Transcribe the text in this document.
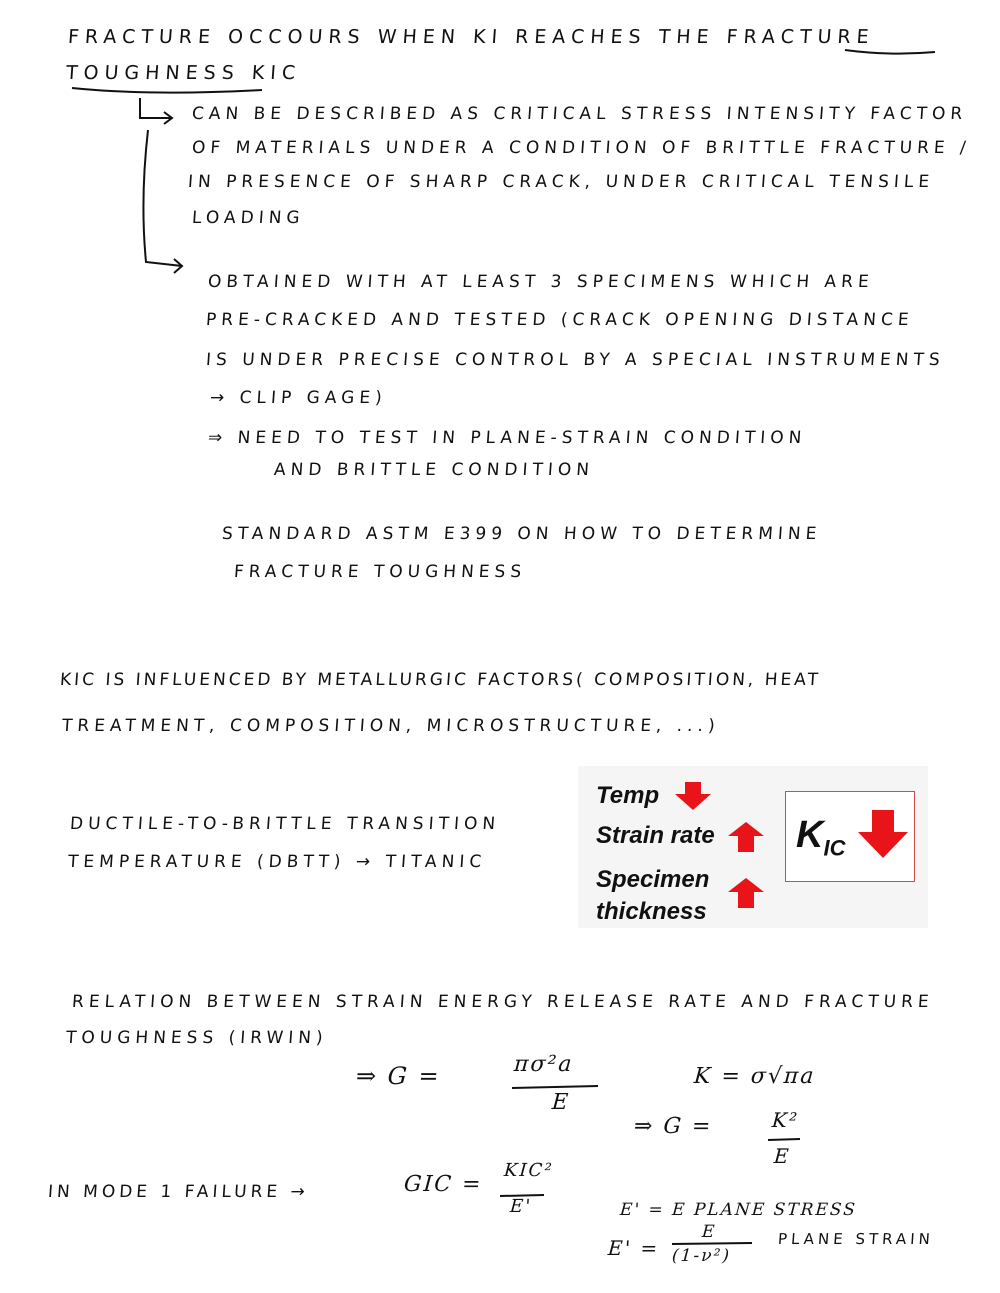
FRACTURE OCCOURS WHEN KI REACHES THE FRACTURE
TOUGHNESS KIC
CAN BE DESCRIBED AS CRITICAL STRESS INTENSITY FACTOR
OF MATERIALS UNDER A CONDITION OF BRITTLE FRACTURE /
IN PRESENCE OF SHARP CRACK, UNDER CRITICAL TENSILE
LOADING
OBTAINED WITH AT LEAST 3 SPECIMENS WHICH ARE
PRE-CRACKED AND TESTED (CRACK OPENING DISTANCE
IS UNDER PRECISE CONTROL BY A SPECIAL INSTRUMENTS
→ CLIP GAGE)
⇒ NEED TO TEST IN PLANE-STRAIN CONDITION
AND BRITTLE CONDITION
STANDARD ASTM E399 ON HOW TO DETERMINE
FRACTURE TOUGHNESS
KIC IS INFLUENCED BY METALLURGIC FACTORS( COMPOSITION, HEAT
TREATMENT, COMPOSITION, MICROSTRUCTURE, ...)
DUCTILE-TO-BRITTLE TRANSITION
TEMPERATURE (DBTT) → TITANIC
Temp
Strain rate
Specimen
thickness
$K_{IC}$
RELATION BETWEEN STRAIN ENERGY RELEASE RATE AND FRACTURE
TOUGHNESS (IRWIN)
⇒ G =	πσ²a
E
K = σ√πa
⇒ G =	K²
E
IN MODE 1 FAILURE →	GIC =
KIC²
E'	E' = E PLANE STRESS
E' =
E
(1-ν²)
PLANE STRAIN
